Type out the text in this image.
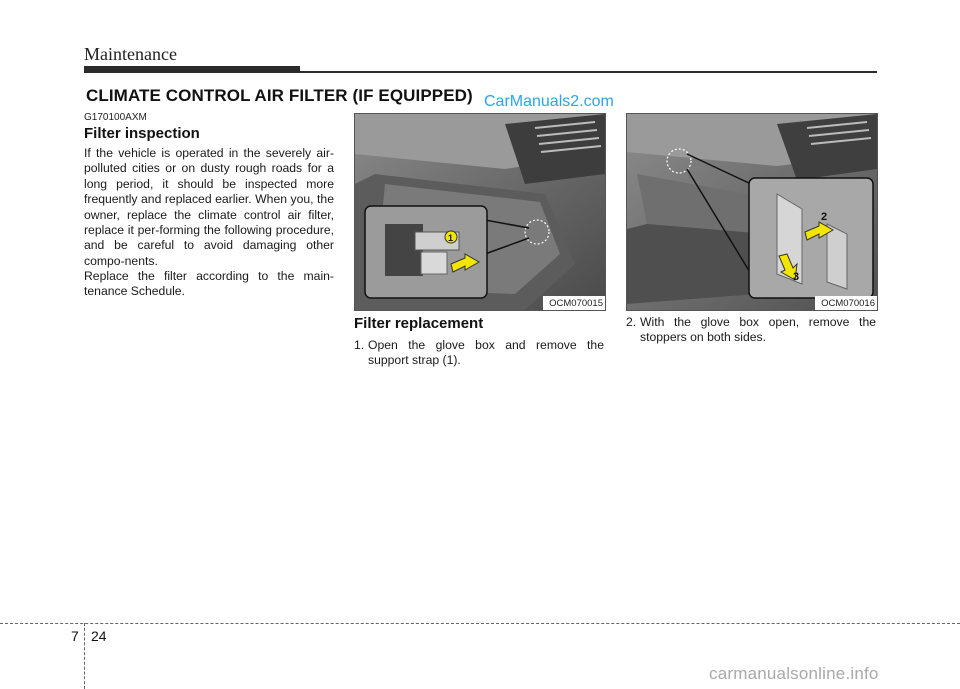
Maintenance
CLIMATE CONTROL AIR FILTER (IF EQUIPPED) CarManuals2.com
G170100AXM
Filter inspection
If the vehicle is operated in the severely air-polluted cities or on dusty rough roads for a long period, it should be inspected more frequently and replaced earlier. When you, the owner, replace the climate control air filter, replace it per-forming the following procedure, and be careful to avoid damaging other compo-nents.
Replace the filter according to the main-tenance Schedule.
1
OCM070015
2
3
OCM070016
Filter replacement
1. Open the glove box and remove the support strap (1).
2. With the glove box open, remove the stoppers on both sides.
7 24
carmanualsonline.info
